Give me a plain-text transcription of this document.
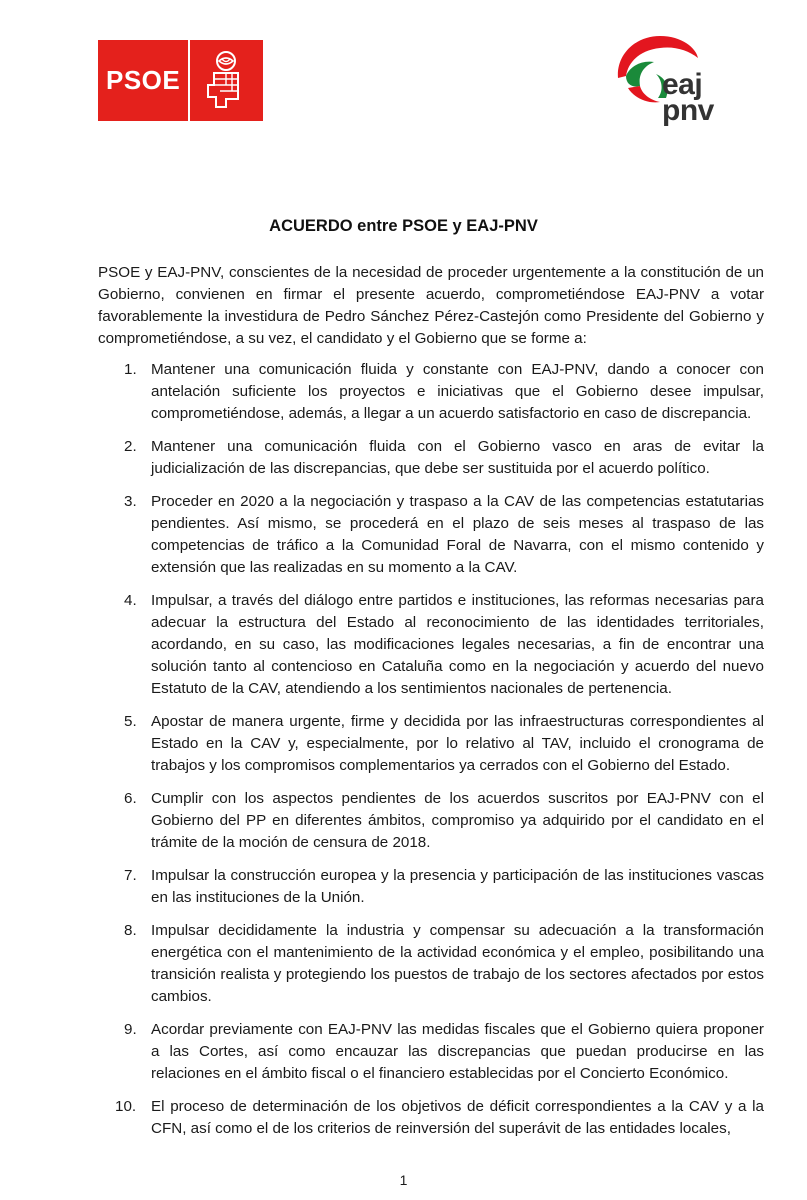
PSOE	eaj
pnv
ACUERDO entre PSOE y EAJ-PNV

PSOE y EAJ-PNV, conscientes de la necesidad de proceder urgentemente a la constitución de un Gobierno, convienen en firmar el presente acuerdo, comprometiéndose EAJ-PNV a votar favorablemente la investidura de Pedro Sánchez Pérez-Castejón como Presidente del Gobierno y comprometiéndose, a su vez, el candidato y el Gobierno que se forme a:

1. Mantener una comunicación fluida y constante con EAJ-PNV, dando a conocer con antelación suficiente los proyectos e iniciativas que el Gobierno desee impulsar, comprometiéndose, además, a llegar a un acuerdo satisfactorio en caso de discrepancia.
2. Mantener una comunicación fluida con el Gobierno vasco en aras de evitar la judicialización de las discrepancias, que debe ser sustituida por el acuerdo político.
3. Proceder en 2020 a la negociación y traspaso a la CAV de las competencias estatutarias pendientes. Así mismo, se procederá en el plazo de seis meses al traspaso de las competencias de tráfico a la Comunidad Foral de Navarra, con el mismo contenido y extensión que las realizadas en su momento a la CAV.
4. Impulsar, a través del diálogo entre partidos e instituciones, las reformas necesarias para adecuar la estructura del Estado al reconocimiento de las identidades territoriales, acordando, en su caso, las modificaciones legales necesarias, a fin de encontrar una solución tanto al contencioso en Cataluña como en la negociación y acuerdo del nuevo Estatuto de la CAV, atendiendo a los sentimientos nacionales de pertenencia.
5. Apostar de manera urgente, firme y decidida por las infraestructuras correspondientes al Estado en la CAV y, especialmente, por lo relativo al TAV, incluido el cronograma de trabajos y los compromisos complementarios ya cerrados con el Gobierno del Estado.
6. Cumplir con los aspectos pendientes de los acuerdos suscritos por EAJ-PNV con el Gobierno del PP en diferentes ámbitos, compromiso ya adquirido por el candidato en el trámite de la moción de censura de 2018.
7. Impulsar la construcción europea y la presencia y participación de las instituciones vascas en las instituciones de la Unión.
8. Impulsar decididamente la industria y compensar su adecuación a la transformación energética con el mantenimiento de la actividad económica y el empleo, posibilitando una transición realista y protegiendo los puestos de trabajo de los sectores afectados por estos cambios.
9. Acordar previamente con EAJ-PNV las medidas fiscales que el Gobierno quiera proponer a las Cortes, así como encauzar las discrepancias que puedan producirse en las relaciones en el ámbito fiscal o el financiero establecidas por el Concierto Económico.
10. El proceso de determinación de los objetivos de déficit correspondientes a la CAV y a la CFN, así como el de los criterios de reinversión del superávit de las entidades locales,
1
